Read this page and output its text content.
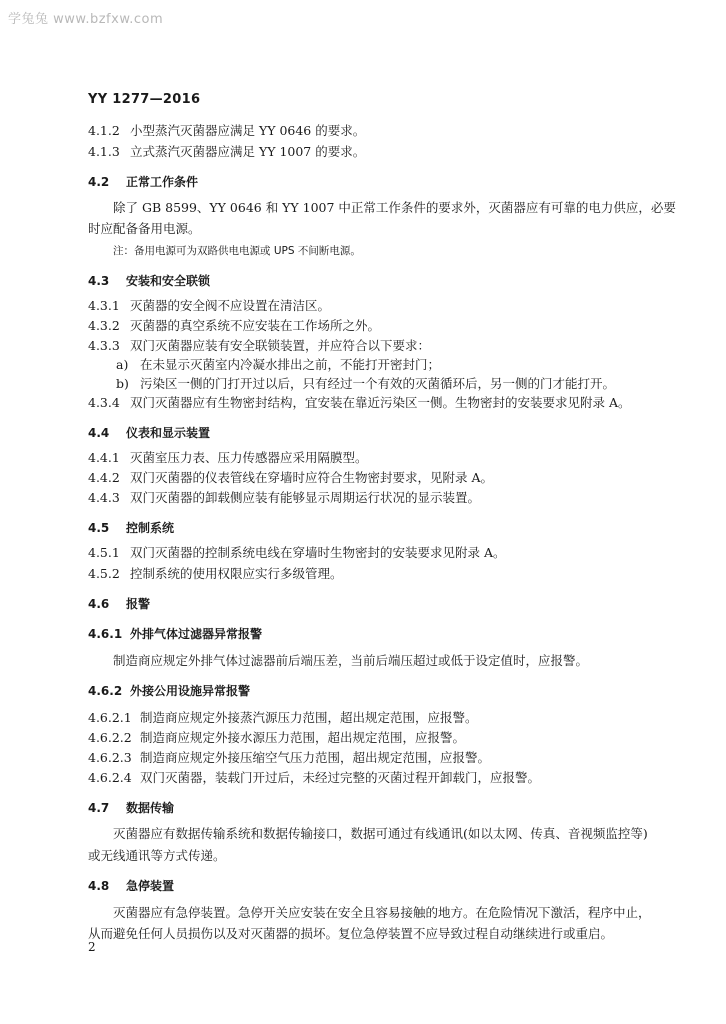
学兔兔 www.bzfxw.com
YY 1277—2016
4.1.2 小型蒸汽灭菌器应满足 YY 0646 的要求。
4.1.3 立式蒸汽灭菌器应满足 YY 1007 的要求。
4.2 正常工作条件
除了 GB 8599、YY 0646 和 YY 1007 中正常工作条件的要求外，灭菌器应有可靠的电力供应，必要
时应配备备用电源。
注：备用电源可为双路供电电源或 UPS 不间断电源。
4.3 安装和安全联锁
4.3.1 灭菌器的安全阀不应设置在清洁区。
4.3.2 灭菌器的真空系统不应安装在工作场所之外。
4.3.3 双门灭菌器应装有安全联锁装置，并应符合以下要求：
a) 在未显示灭菌室内冷凝水排出之前，不能打开密封门；
b) 污染区一侧的门打开过以后，只有经过一个有效的灭菌循环后，另一侧的门才能打开。
4.3.4 双门灭菌器应有生物密封结构，宜安装在靠近污染区一侧。生物密封的安装要求见附录 A。
4.4 仪表和显示装置
4.4.1 灭菌室压力表、压力传感器应采用隔膜型。
4.4.2 双门灭菌器的仪表管线在穿墙时应符合生物密封要求，见附录 A。
4.4.3 双门灭菌器的卸载侧应装有能够显示周期运行状况的显示装置。
4.5 控制系统
4.5.1 双门灭菌器的控制系统电线在穿墙时生物密封的安装要求见附录 A。
4.5.2 控制系统的使用权限应实行多级管理。
4.6 报警
4.6.1 外排气体过滤器异常报警
制造商应规定外排气体过滤器前后端压差，当前后端压超过或低于设定值时，应报警。
4.6.2 外接公用设施异常报警
4.6.2.1 制造商应规定外接蒸汽源压力范围，超出规定范围，应报警。
4.6.2.2 制造商应规定外接水源压力范围，超出规定范围，应报警。
4.6.2.3 制造商应规定外接压缩空气压力范围，超出规定范围，应报警。
4.6.2.4 双门灭菌器，装载门开过后，未经过完整的灭菌过程开卸载门，应报警。
4.7 数据传输
灭菌器应有数据传输系统和数据传输接口，数据可通过有线通讯(如以太网、传真、音视频监控等)
或无线通讯等方式传递。
4.8 急停装置
灭菌器应有急停装置。急停开关应安装在安全且容易接触的地方。在危险情况下激活，程序中止，
从而避免任何人员损伤以及对灭菌器的损坏。复位急停装置不应导致过程自动继续进行或重启。
2
